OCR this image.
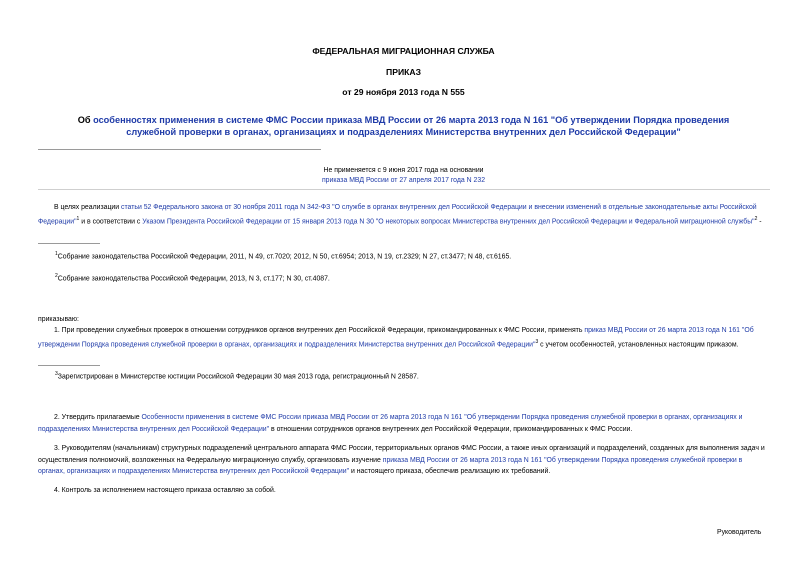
ФЕДЕРАЛЬНАЯ МИГРАЦИОННАЯ СЛУЖБА
ПРИКАЗ
от 29 ноября 2013 года N 555
Об особенностях применения в системе ФМС России приказа МВД России от 26 марта 2013 года N 161 "Об утверждении Порядка проведения служебной проверки в органах, организациях и подразделениях Министерства внутренних дел Российской Федерации"
Не применяется с 9 июня 2017 года на основании
приказа МВД России от 27 апреля 2017 года N 232
В целях реализации статьи 52 Федерального закона от 30 ноября 2011 года N 342-ФЗ "О службе в органах внутренних дел Российской Федерации и внесении изменений в отдельные законодательные акты Российской Федерации"$^1$ и в соответствии с Указом Президента Российской Федерации от 15 января 2013 года N 30 "О некоторых вопросах Министерства внутренних дел Российской Федерации и Федеральной миграционной службы"$^2$ -
$^1$Собрание законодательства Российской Федерации, 2011, N 49, ст.7020; 2012, N 50, ст.6954; 2013, N 19, ст.2329; N 27, ст.3477; N 48, ст.6165.
$^2$Собрание законодательства Российской Федерации, 2013, N 3, ст.177; N 30, ст.4087.
приказываю:
1. При проведении служебных проверок в отношении сотрудников органов внутренних дел Российской Федерации, прикомандированных к ФМС России, применять приказ МВД России от 26 марта 2013 года N 161 "Об утверждении Порядка проведения служебной проверки в органах, организациях и подразделениях Министерства внутренних дел Российской Федерации"$^3$ с учетом особенностей, установленных настоящим приказом.
$^3$Зарегистрирован в Министерстве юстиции Российской Федерации 30 мая 2013 года, регистрационный N 28587.
2. Утвердить прилагаемые Особенности применения в системе ФМС России приказа МВД России от 26 марта 2013 года N 161 "Об утверждении Порядка проведения служебной проверки в органах, организациях и подразделениях Министерства внутренних дел Российской Федерации" в отношении сотрудников органов внутренних дел Российской Федерации, прикомандированных к ФМС России.
3. Руководителям (начальникам) структурных подразделений центрального аппарата ФМС России, территориальных органов ФМС России, а также иных организаций и подразделений, созданных для выполнения задач и осуществления полномочий, возложенных на Федеральную миграционную службу, организовать изучение приказа МВД России от 26 марта 2013 года N 161 "Об утверждении Порядка проведения служебной проверки в органах, организациях и подразделениях Министерства внутренних дел Российской Федерации" и настоящего приказа, обеспечив реализацию их требований.
4. Контроль за исполнением настоящего приказа оставляю за собой.
Руководитель
